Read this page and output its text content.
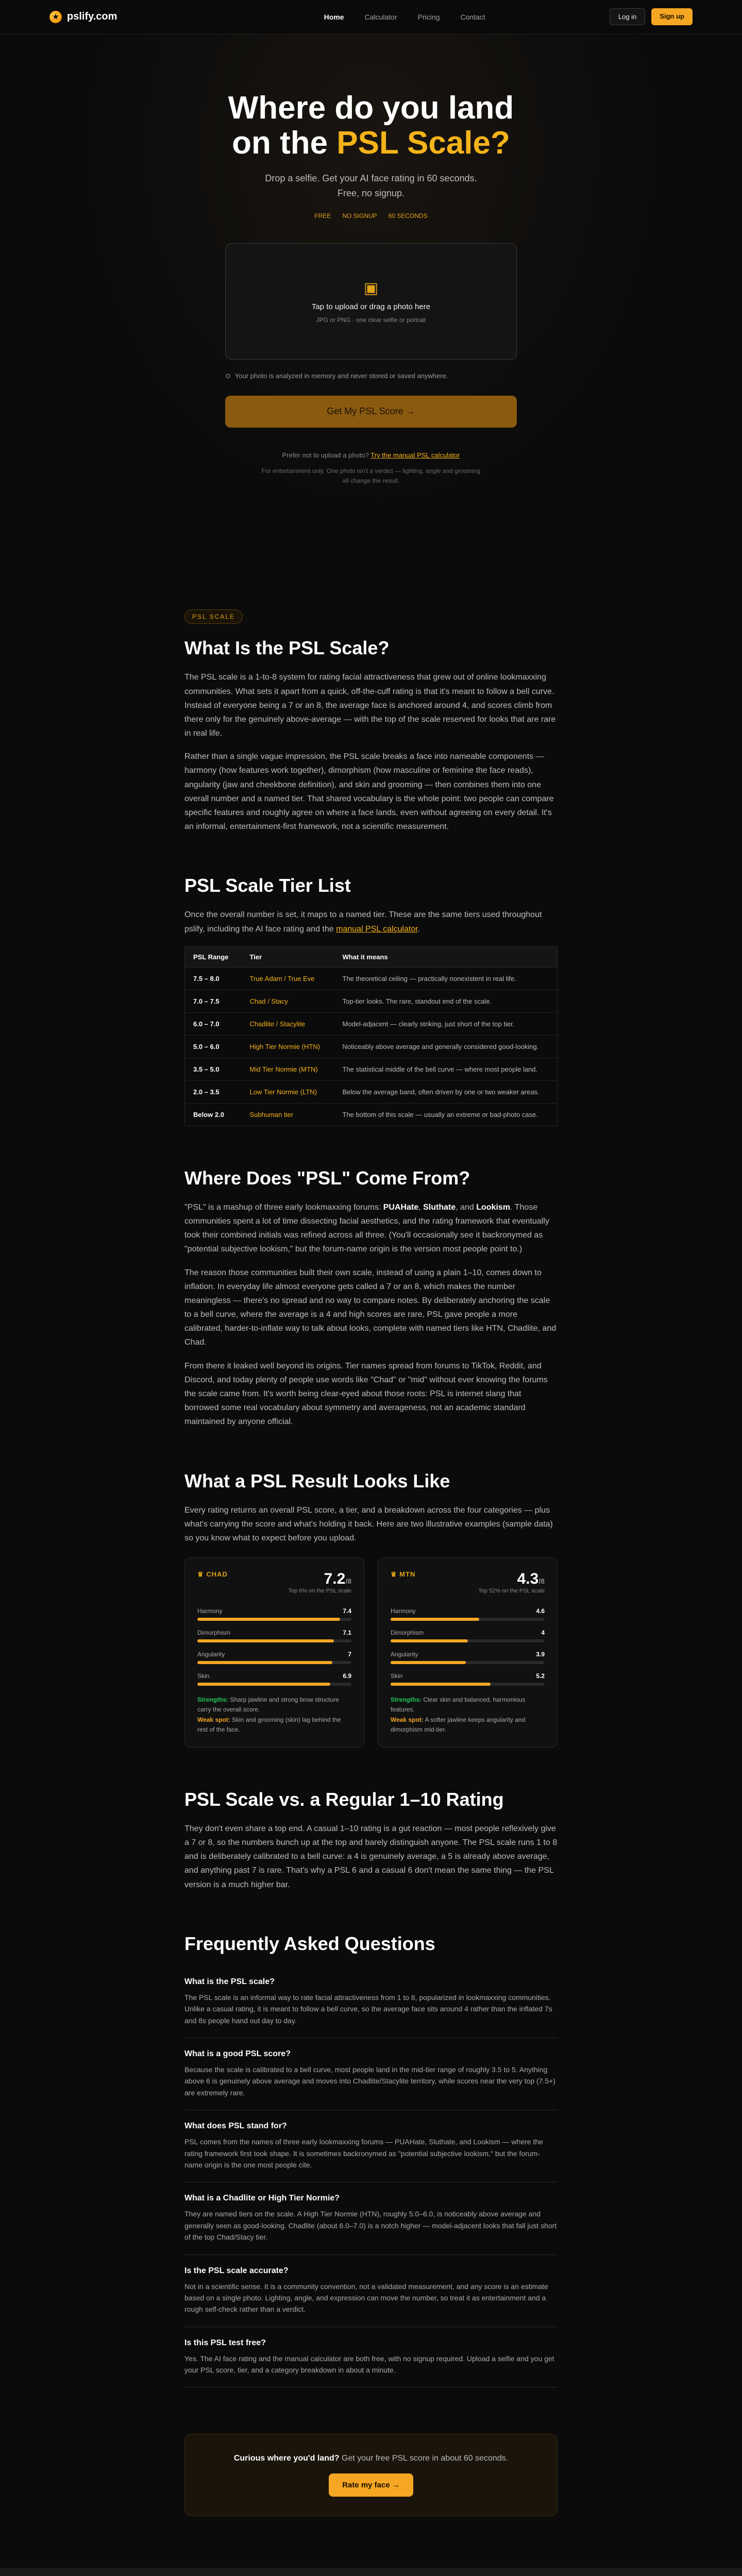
★ pslify.com	Home	Calculator	Pricing	Contact	Log in	Sign up
Where do you land
on the PSL Scale?

Drop a selfie. Get your AI face rating in 60 seconds. Free, no signup.

FREE NO SIGNUP 60 SECONDS
▣
Tap to upload or drag a photo here
JPG or PNG · one clear selfie or portrait
⊙ Your photo is analyzed in memory and never stored or saved anywhere.
Get My PSL Score →

Prefer not to upload a photo? Try the manual PSL calculator

For entertainment only. One photo isn't a verdict — lighting, angle and grooming all change the result.

PSL SCALE
What Is the PSL Scale?

The PSL scale is a 1-to-8 system for rating facial attractiveness that grew out of online lookmaxxing communities. What sets it apart from a quick, off-the-cuff rating is that it's meant to follow a bell curve. Instead of everyone being a 7 or an 8, the average face is anchored around 4, and scores climb from there only for the genuinely above-average — with the top of the scale reserved for looks that are rare in real life.

Rather than a single vague impression, the PSL scale breaks a face into nameable components — harmony (how features work together), dimorphism (how masculine or feminine the face reads), angularity (jaw and cheekbone definition), and skin and grooming — then combines them into one overall number and a named tier. That shared vocabulary is the whole point: two people can compare specific features and roughly agree on where a face lands, even without agreeing on every detail. It's an informal, entertainment-first framework, not a scientific measurement.

PSL Scale Tier List

Once the overall number is set, it maps to a named tier. These are the same tiers used throughout pslify, including the AI face rating and the manual PSL calculator.

PSL Range	Tier	What it means
7.5 – 8.0	True Adam / True Eve	The theoretical ceiling — practically nonexistent in real life.
7.0 – 7.5	Chad / Stacy	Top-tier looks. The rare, standout end of the scale.
6.0 – 7.0	Chadlite / Stacylite	Model-adjacent — clearly striking, just short of the top tier.
5.0 – 6.0	High Tier Normie (HTN)	Noticeably above average and generally considered good-looking.
3.5 – 5.0	Mid Tier Normie (MTN)	The statistical middle of the bell curve — where most people land.
2.0 – 3.5	Low Tier Normie (LTN)	Below the average band, often driven by one or two weaker areas.
Below 2.0	Subhuman tier	The bottom of this scale — usually an extreme or bad-photo case.
Where Does "PSL" Come From?

"PSL" is a mashup of three early lookmaxxing forums: PUAHate, Sluthate, and Lookism. Those communities spent a lot of time dissecting facial aesthetics, and the rating framework that eventually took their combined initials was refined across all three. (You'll occasionally see it backronymed as "potential subjective lookism," but the forum-name origin is the version most people point to.)

The reason those communities built their own scale, instead of using a plain 1–10, comes down to inflation. In everyday life almost everyone gets called a 7 or an 8, which makes the number meaningless — there's no spread and no way to compare notes. By deliberately anchoring the scale to a bell curve, where the average is a 4 and high scores are rare, PSL gave people a more calibrated, harder-to-inflate way to talk about looks, complete with named tiers like HTN, Chadlite, and Chad.

From there it leaked well beyond its origins. Tier names spread from forums to TikTok, Reddit, and Discord, and today plenty of people use words like "Chad" or "mid" without ever knowing the forums the scale came from. It's worth being clear-eyed about those roots: PSL is internet slang that borrowed some real vocabulary about symmetry and averageness, not an academic standard maintained by anyone official.

What a PSL Result Looks Like

Every rating returns an overall PSL score, a tier, and a breakdown across the four categories — plus what's carrying the score and what's holding it back. Here are two illustrative examples (sample data) so you know what to expect before you upload.

♛ CHAD	7.2/8
Top 6% on the PSL scale
Harmony	7.4
Dimorphism	7.1
Angularity	7
Skin	6.9
Strengths: Sharp jawline and strong brow structure carry the overall score.
Weak spot: Skin and grooming (skin) lag behind the rest of the face.
♛ MTN	4.3/8
Top 52% on the PSL scale
Harmony	4.6
Dimorphism	4
Angularity	3.9
Skin	5.2
Strengths: Clear skin and balanced, harmonious features.
Weak spot: A softer jawline keeps angularity and dimorphism mid-tier.
PSL Scale vs. a Regular 1–10 Rating

They don't even share a top end. A casual 1–10 rating is a gut reaction — most people reflexively give a 7 or 8, so the numbers bunch up at the top and barely distinguish anyone. The PSL scale runs 1 to 8 and is deliberately calibrated to a bell curve: a 4 is genuinely average, a 5 is already above average, and anything past 7 is rare. That's why a PSL 6 and a casual 6 don't mean the same thing — the PSL version is a much higher bar.

Frequently Asked Questions
What is the PSL scale?

The PSL scale is an informal way to rate facial attractiveness from 1 to 8, popularized in lookmaxxing communities. Unlike a casual rating, it is meant to follow a bell curve, so the average face sits around 4 rather than the inflated 7s and 8s people hand out day to day.

What is a good PSL score?

Because the scale is calibrated to a bell curve, most people land in the mid-tier range of roughly 3.5 to 5. Anything above 6 is genuinely above average and moves into Chadlite/Stacylite territory, while scores near the very top (7.5+) are extremely rare.

What does PSL stand for?

PSL comes from the names of three early lookmaxxing forums — PUAHate, Sluthate, and Lookism — where the rating framework first took shape. It is sometimes backronymed as "potential subjective lookism," but the forum-name origin is the one most people cite.

What is a Chadlite or High Tier Normie?

They are named tiers on the scale. A High Tier Normie (HTN), roughly 5.0–6.0, is noticeably above average and generally seen as good-looking. Chadlite (about 6.0–7.0) is a notch higher — model-adjacent looks that fall just short of the top Chad/Stacy tier.

Is the PSL scale accurate?

Not in a scientific sense. It is a community convention, not a validated measurement, and any score is an estimate based on a single photo. Lighting, angle, and expression can move the number, so treat it as entertainment and a rough self-check rather than a verdict.

Is this PSL test free?

Yes. The AI face rating and the manual calculator are both free, with no signup required. Upload a selfie and you get your PSL score, tier, and a category breakdown in about a minute.

Curious where you'd land? Get your free PSL score in about 60 seconds.

Rate my face →
